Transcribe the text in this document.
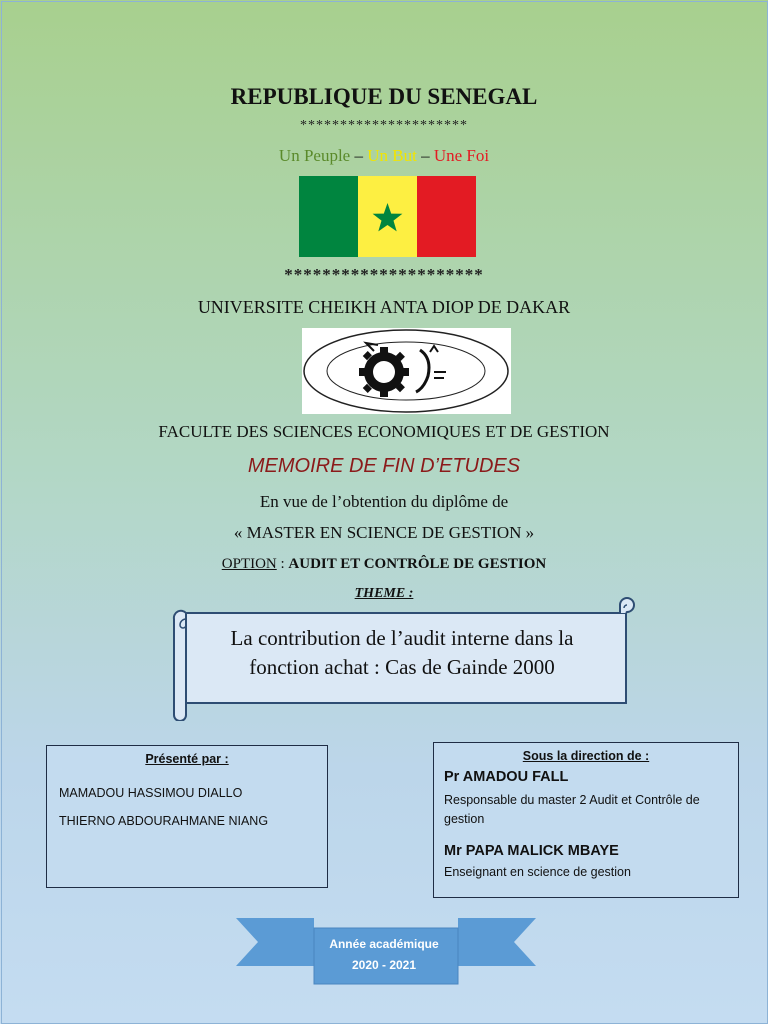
REPUBLIQUE DU SENEGAL
*********************
Un Peuple – Un But – Une Foi
*********************
UNIVERSITE CHEIKH ANTA DIOP DE DAKAR
FACULTE DES SCIENCES ECONOMIQUES ET DE GESTION
MEMOIRE DE FIN D’ETUDES
En vue de l’obtention du diplôme de
« MASTER EN SCIENCE DE GESTION »
OPTION : AUDIT ET CONTRÔLE DE GESTION
THEME :
La contribution de l’audit interne dans la
fonction achat : Cas de Gainde 2000
Présenté par :
MAMADOU HASSIMOU DIALLO
THIERNO ABDOURAHMANE NIANG
Sous la direction de :
Pr AMADOU FALL
Responsable du master 2 Audit et Contrôle de gestion
Mr PAPA MALICK MBAYE
Enseignant en science de gestion
Année académique
2020 - 2021
